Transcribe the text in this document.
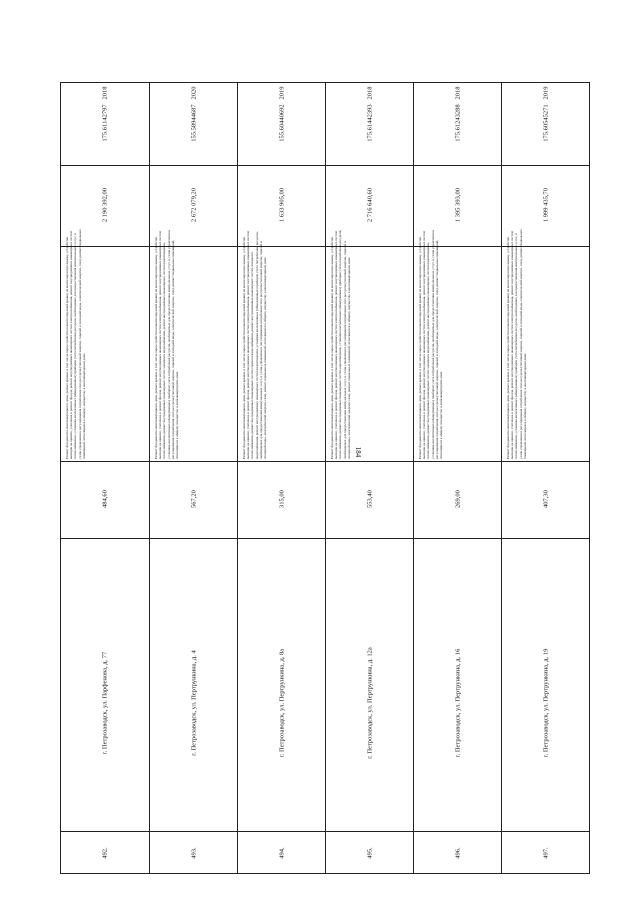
184
492.
г. Петрозаводск, ул. Парфенова, д. 77
484,60
Ремонт фундамента многоквартирного дома, ремонт крыши, в том числе переустройство невентилируемой крыши на вентилируемую крышу, устройство выходов на кровлю, утепление и ремонт фасада, ремонт внутридомовых инженерных систем электроснабжения, ремонт внутридомовых инженерных систем теплоснабжения, установка коллективных (общедомовых) приборов учета потребления ресурсов, необходимых для предоставления коммунальных услуг, и узлов управления и регулирования потребления этих ресурсов (тепловой энергии, горячей и холодной воды, электрической энергии, газа), ремонт подвальных помещений, относящихся к общему имуществу в многоквартирном доме
2 190 392,00
175.61142797
2018
493.
г. Петрозаводск, ул. Пертрункина, д. 4
567,20
Ремонт фундамента многоквартирного дома, ремонт крыши, в том числе переустройство невентилируемой крыши на вентилируемую крышу, устройство выходов на кровлю, утепление и ремонт фасада, ремонт внутридомовых инженерных систем электроснабжения, ремонт внутридомовых инженерных систем теплоснабжения, ремонт внутридомовых инженерных систем холодного водоснабжения, ремонт внутридомовых инженерных систем водоотведения, установка коллективных (общедомовых) приборов учета потребления ресурсов, необходимых для предоставления коммунальных услуг, и узлов управления и регулирования потребления этих ресурсов (тепловой энергии, горячей и холодной воды, электрической энергии, газа), ремонт подвальных помещений, относящихся к общему имуществу в многоквартирном доме
2 672 079,20
155.58944687
2020
494.
г. Петрозаводск, ул. Пертрункина, д. 8а
315,00
Ремонт фундамента многоквартирного дома, ремонт крыши, в том числе переустройство невентилируемой крыши на вентилируемую крышу, устройство выходов на кровлю, утепление и ремонт фасада, ремонт внутридомовых инженерных систем электроснабжения, ремонт внутридомовых инженерных систем теплоснабжения, ремонт внутридомовых инженерных систем горячего водоснабжения, ремонт внутридомовых инженерных систем холодного водоснабжения, ремонт внутридомовых инженерных систем водоотведения, установка коллективных (общедомовых) приборов учета потребления ресурсов, необходимых для предоставления коммунальных услуг, и узлов управления и регулирования потребления этих ресурсов (тепловой энергии, горячей и холодной воды, электрической энергии, газа), ремонт подвальных помещений, относящихся к общему имуществу в многоквартирном доме
1 633 905,00
155.60440692
2019
495.
г. Петрозаводск, ул. Пертрункина, д. 12а
553,40
Ремонт фундамента многоквартирного дома, ремонт крыши, в том числе переустройство невентилируемой крыши на вентилируемую крышу, устройство выходов на кровлю, утепление и ремонт фасада, ремонт внутридомовых инженерных систем электроснабжения, ремонт внутридомовых инженерных систем теплоснабжения, ремонт внутридомовых инженерных систем водоотведения, установка коллективных (общедомовых) приборов учета потребления ресурсов, необходимых для предоставления коммунальных услуг, и узлов управления и регулирования потребления этих ресурсов (тепловой энергии, горячей и холодной воды, электрической энергии, газа), ремонт подвальных помещений, относящихся к общему имуществу в многоквартирном доме
2 716 640,60
175.61442393
2018
496.
г. Петрозаводск, ул. Пертрункина, д. 16
269,00
Ремонт фундамента многоквартирного дома, ремонт крыши, в том числе переустройство невентилируемой крыши на вентилируемую крышу, устройство выходов на кровлю, утепление и ремонт фасада, ремонт внутридомовых инженерных систем электроснабжения, ремонт внутридомовых инженерных систем теплоснабжения, ремонт внутридомовых инженерных систем холодного водоснабжения, ремонт внутридомовых инженерных систем водоотведения, установка коллективных (общедомовых) приборов учета потребления ресурсов, необходимых для предоставления коммунальных услуг, и узлов управления и регулирования потребления этих ресурсов (тепловой энергии, горячей и холодной воды, электрической энергии, газа), ремонт подвальных помещений, относящихся к общему имуществу в многоквартирном доме
1 395 393,00
175.61243288
2018
497.
г. Петрозаводск, ул. Пертрункина, д. 19
407,30
Ремонт фундамента многоквартирного дома, ремонт крыши, в том числе переустройство невентилируемой крыши на вентилируемую крышу, устройство выходов на кровлю, утепление и ремонт фасада, ремонт внутридомовых инженерных систем электроснабжения, ремонт внутридомовых инженерных систем теплоснабжения, установка коллективных (общедомовых) приборов учета потребления ресурсов, необходимых для предоставления коммунальных услуг, и узлов управления и регулирования потребления этих ресурсов (тепловой энергии, горячей и холодной воды, электрической энергии, газа), ремонт подвальных помещений, относящихся к общему имуществу в многоквартирном доме
1 999 435,70
175.60545271
2019
